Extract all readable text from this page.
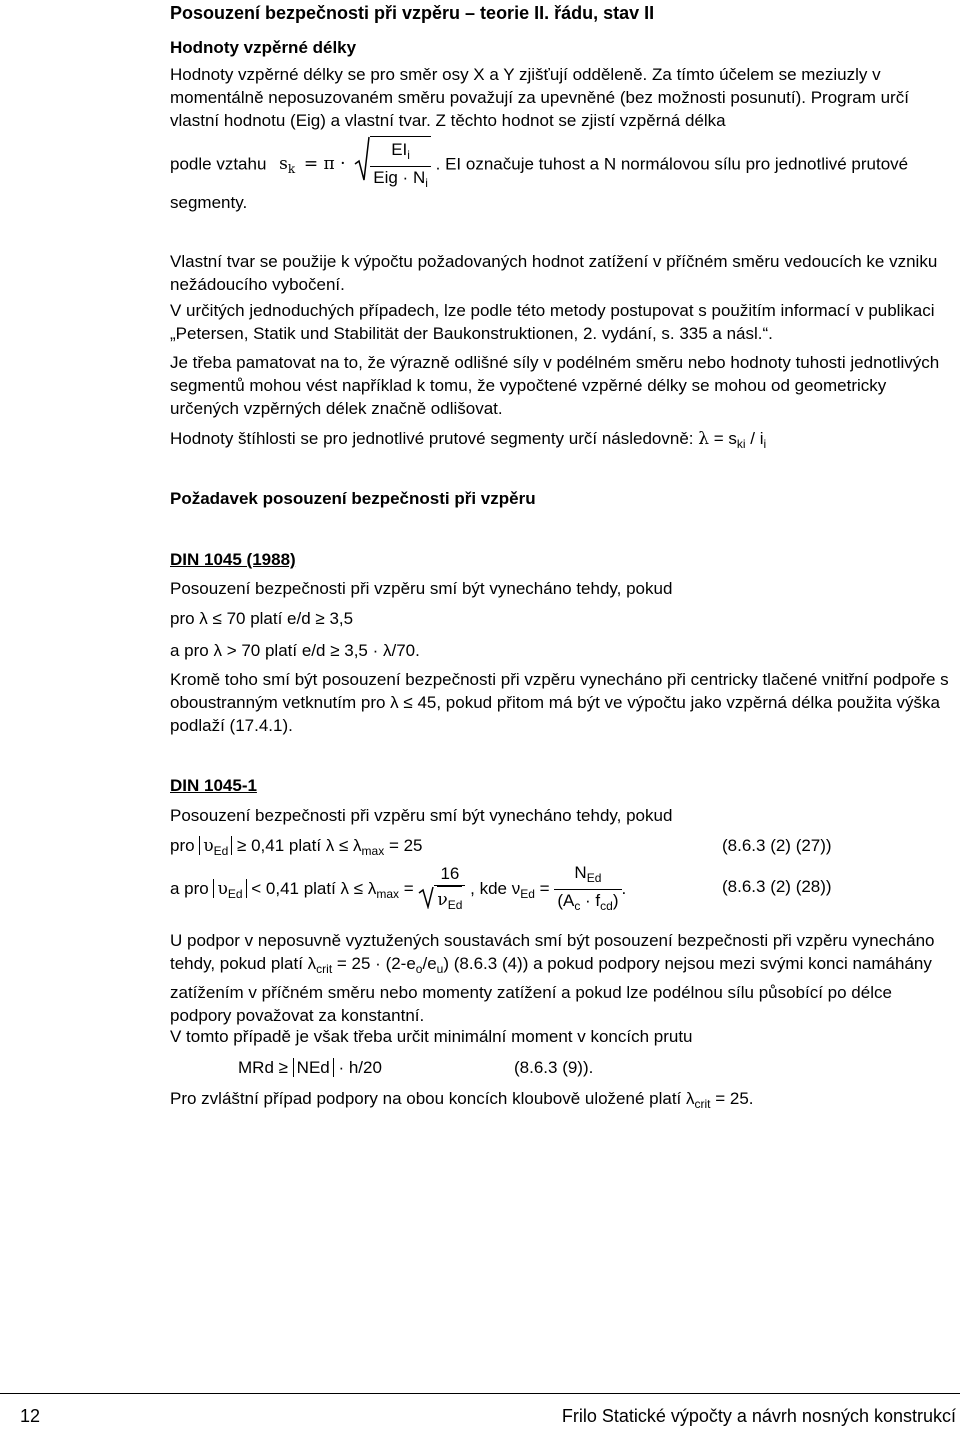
Posouzení bezpečnosti při vzpěru – teorie II. řádu, stav II
Hodnoty vzpěrné délky
Hodnoty vzpěrné délky se pro směr osy X a Y zjišťují odděleně. Za tímto účelem se meziuzly v momentálně neposuzovaném směru považují za upevněné (bez možnosti posunutí). Program určí vlastní hodnotu (Eig) a vlastní tvar. Z těchto hodnot se zjistí vzpěrná délka
podle vztahu $s_k = \pi \cdot \frac{EI_i}{Eig \cdot N_i}$ . EI označuje tuhost a N normálovou sílu pro jednotlivé prutové
segmenty.
Vlastní tvar se použije k výpočtu požadovaných hodnot zatížení v příčném směru vedoucích ke vzniku nežádoucího vybočení.
V určitých jednoduchých případech, lze podle této metody postupovat s použitím informací v publikaci „Petersen, Statik und Stabilität der Baukonstruktionen, 2. vydání, s. 335 a násl.“.
Je třeba pamatovat na to, že výrazně odlišné síly v podélném směru nebo hodnoty tuhosti jednotlivých segmentů mohou vést například k tomu, že vypočtené vzpěrné délky se mohou od geometricky určených vzpěrných délek značně odlišovat.
Hodnoty štíhlosti se pro jednotlivé prutové segmenty určí následovně: $\lambda = s_{ki} / i_i$
Požadavek posouzení bezpečnosti při vzpěru
DIN 1045 (1988)
Posouzení bezpečnosti při vzpěru smí být vynecháno tehdy, pokud
pro λ ≤ 70 platí e/d ≥ 3,5
a pro λ > 70 platí e/d ≥ 3,5 · λ/70.
Kromě toho smí být posouzení bezpečnosti při vzpěru vynecháno při centricky tlačené vnitřní podpoře s oboustranným vetknutím pro λ ≤ 45, pokud přitom má být ve výpočtu jako vzpěrná délka použita výška podlaží (17.4.1).
DIN 1045-1
Posouzení bezpečnosti při vzpěru smí být vynecháno tehdy, pokud
pro $\upsilon_{Ed} \ge 0,41$ platí $\lambda \le \lambda_{max} = 25$	(8.6.3 (2) (27))
a pro $\upsilon_{Ed} < 0,41$ platí $\lambda \le \lambda_{max} = \frac{16}{\nu_{Ed}}$ , kde $\nu_{Ed} = \frac{N_{Ed}}{(A_c \cdot f_{cd})}$ .	(8.6.3 (2) (28))
U podpor v neposuvně vyztužených soustavách smí být posouzení bezpečnosti při vzpěru vynecháno tehdy, pokud platí $\lambda_{crit} = 25 \cdot (2-e_o/e_u)$ (8.6.3 (4)) a pokud podpory nejsou mezi svými konci namáhány zatížením v příčném směru nebo momenty zatížení a pokud lze podélnou sílu působící po délce podpory považovat za konstantní.
V tomto případě je však třeba určit minimální moment v koncích prutu
MRd ≥ NEd · h/20	(8.6.3 (9)).
Pro zvláštní případ podpory na obou koncích kloubově uložené platí $\lambda_{crit} = 25$.
12	Frilo Statické výpočty a návrh nosných konstrukcí
